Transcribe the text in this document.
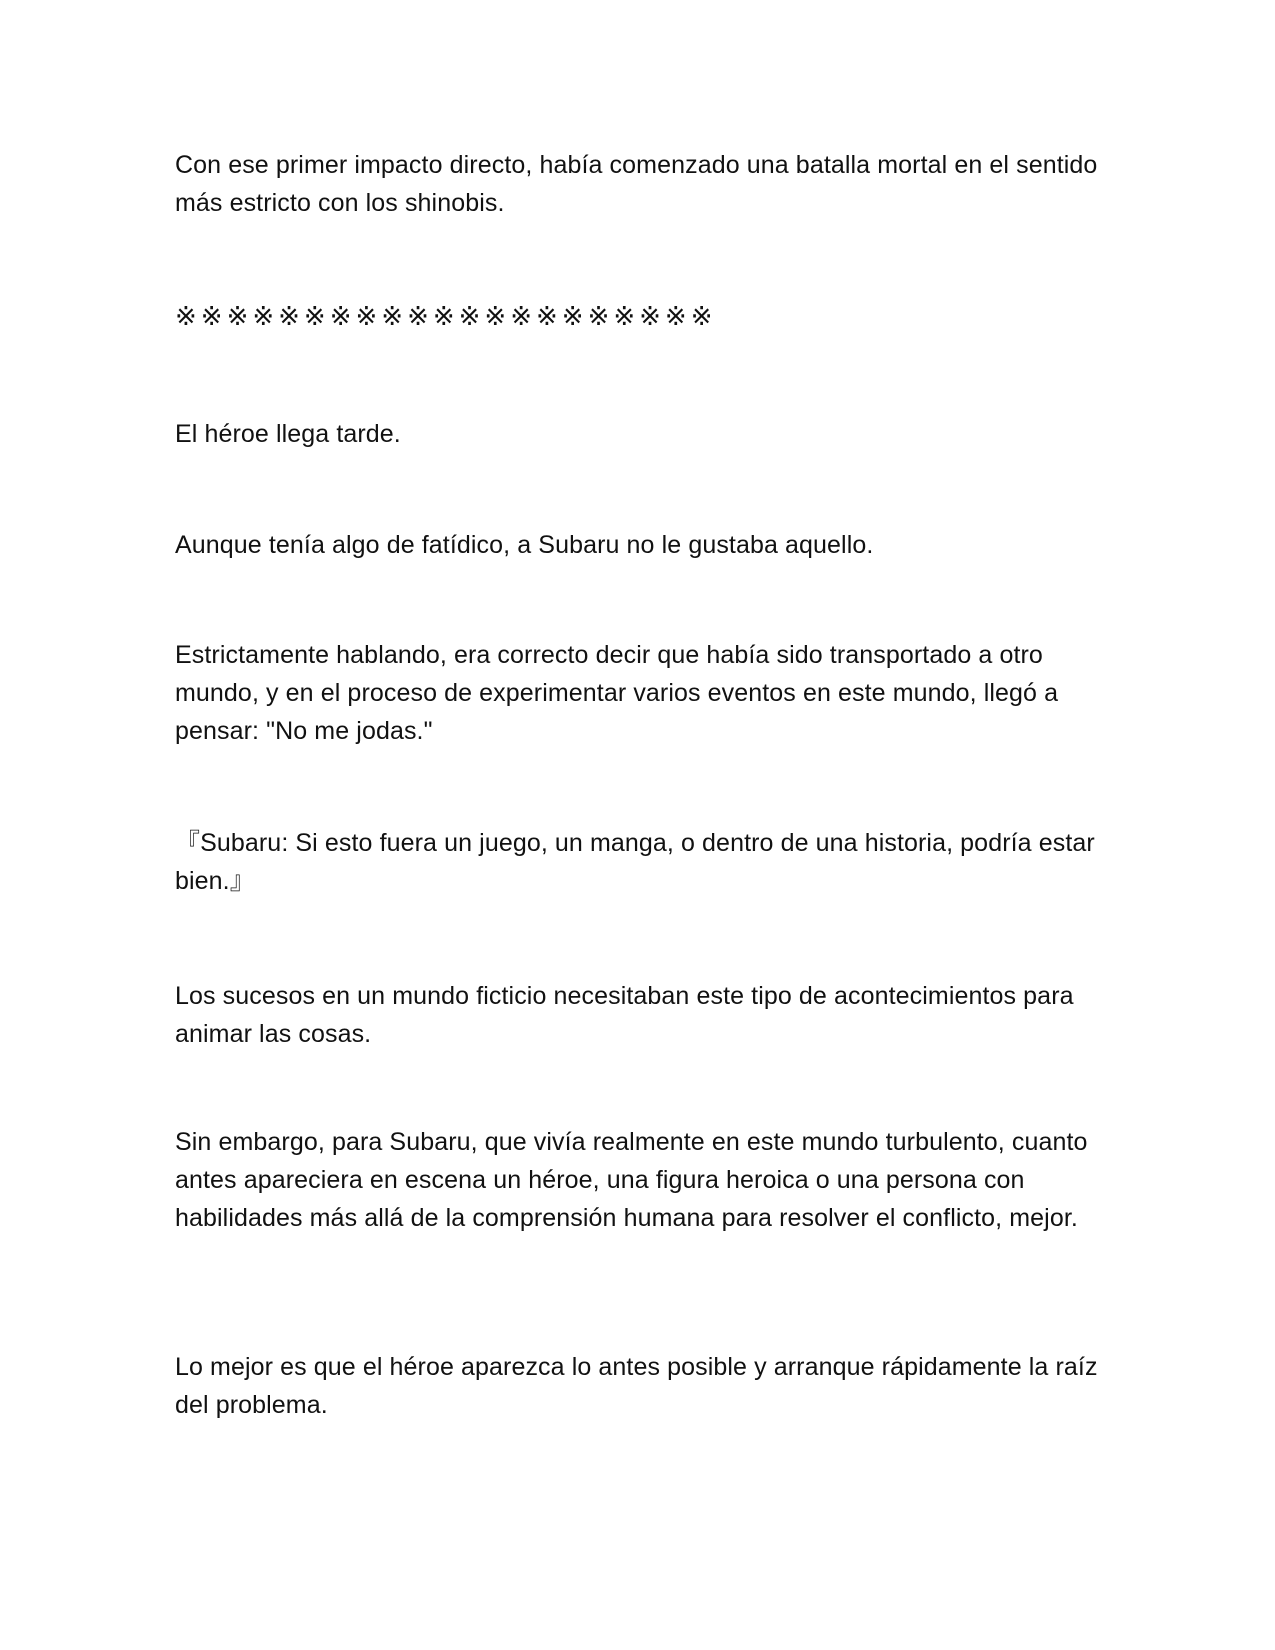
Con ese primer impacto directo, había comenzado una batalla mortal en el sentido más estricto con los shinobis.

※※※※※※※※※※※※※※※※※※※※※

El héroe llega tarde.

Aunque tenía algo de fatídico, a Subaru no le gustaba aquello.

Estrictamente hablando, era correcto decir que había sido transportado a otro mundo, y en el proceso de experimentar varios eventos en este mundo, llegó a pensar: "No me jodas."

『Subaru: Si esto fuera un juego, un manga, o dentro de una historia, podría estar bien.』

Los sucesos en un mundo ficticio necesitaban este tipo de acontecimientos para animar las cosas.

Sin embargo, para Subaru, que vivía realmente en este mundo turbulento, cuanto antes apareciera en escena un héroe, una figura heroica o una persona con habilidades más allá de la comprensión humana para resolver el conflicto, mejor.

Lo mejor es que el héroe aparezca lo antes posible y arranque rápidamente la raíz del problema.
